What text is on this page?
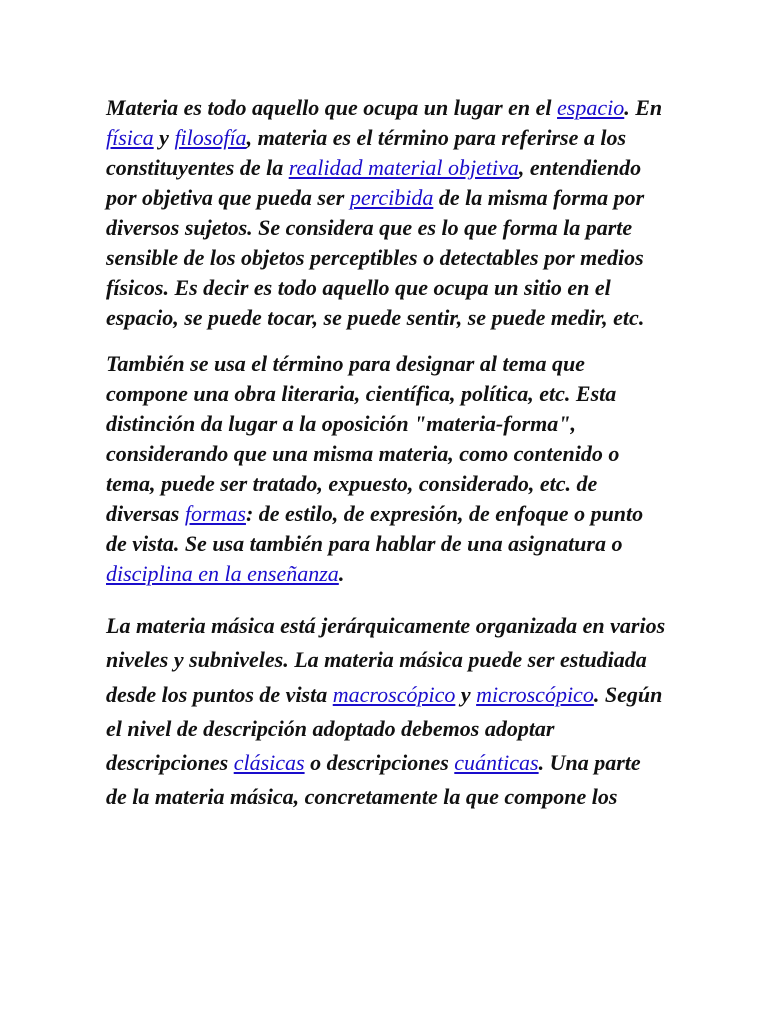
Materia es todo aquello que ocupa un lugar en el espacio. En física y filosofía, materia es el término para referirse a los constituyentes de la realidad material objetiva, entendiendo por objetiva que pueda ser percibida de la misma forma por diversos sujetos. Se considera que es lo que forma la parte sensible de los objetos perceptibles o detectables por medios físicos. Es decir es todo aquello que ocupa un sitio en el espacio, se puede tocar, se puede sentir, se puede medir, etc.

También se usa el término para designar al tema que compone una obra literaria, científica, política, etc. Esta distinción da lugar a la oposición "materia-forma", considerando que una misma materia, como contenido o tema, puede ser tratado, expuesto, considerado, etc. de diversas formas: de estilo, de expresión, de enfoque o punto de vista. Se usa también para hablar de una asignatura o disciplina en la enseñanza.

La materia másica está jerárquicamente organizada en varios niveles y subniveles. La materia másica puede ser estudiada desde los puntos de vista macroscópico y microscópico. Según el nivel de descripción adoptado debemos adoptar descripciones clásicas o descripciones cuánticas. Una parte de la materia másica, concretamente la que compone los
